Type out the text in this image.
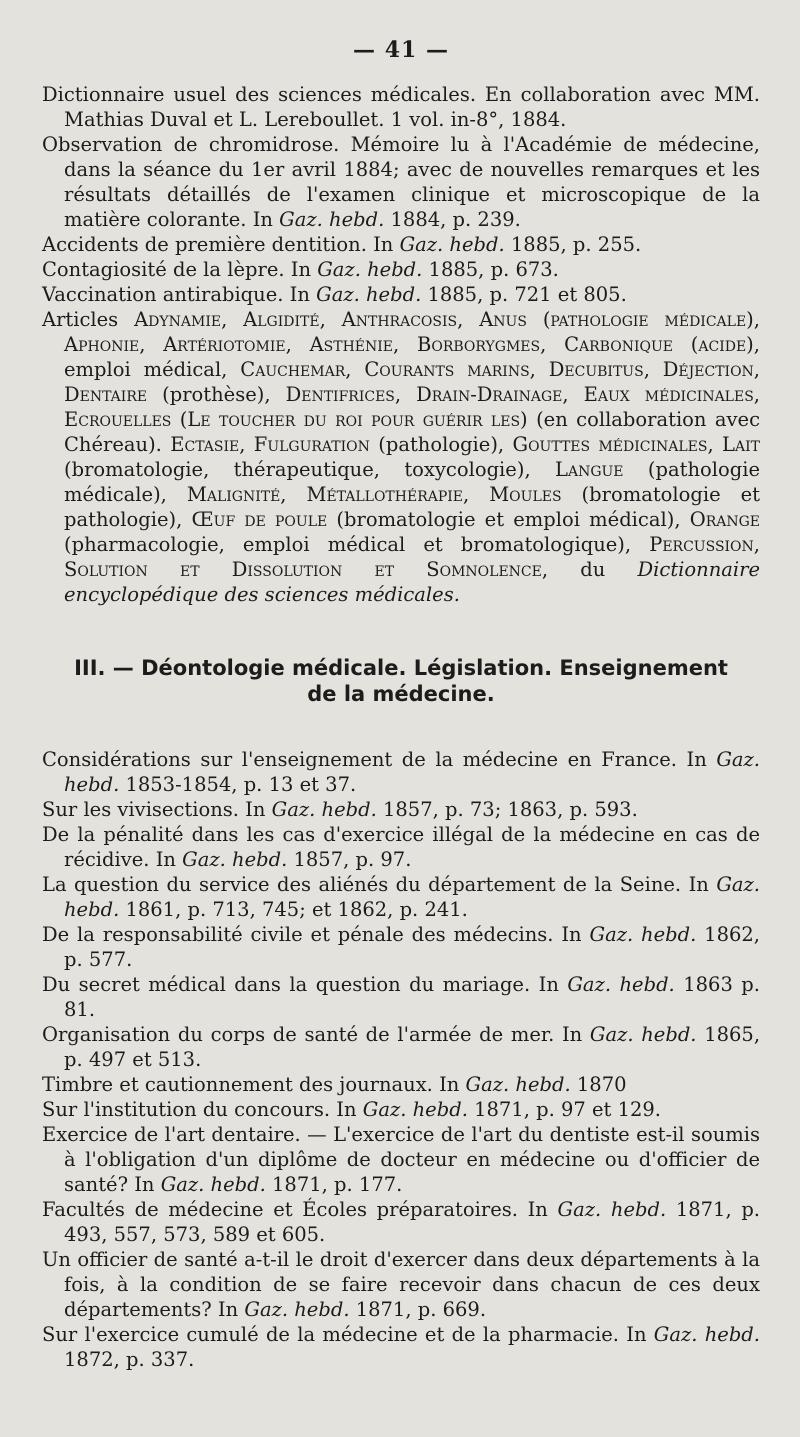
— 41 —

Dictionnaire usuel des sciences médicales. En collaboration avec MM. Mathias Duval et L. Lereboullet. 1 vol. in-8°, 1884.

Observation de chromidrose. Mémoire lu à l'Académie de médecine, dans la séance du 1er avril 1884; avec de nouvelles remarques et les résultats détaillés de l'examen clinique et microscopique de la matière colorante. In Gaz. hebd. 1884, p. 239.

Accidents de première dentition. In Gaz. hebd. 1885, p. 255.

Contagiosité de la lèpre. In Gaz. hebd. 1885, p. 673.

Vaccination antirabique. In Gaz. hebd. 1885, p. 721 et 805.

Articles Adynamie, Algidité, Anthracosis, Anus (pathologie médicale), Aphonie, Artériotomie, Asthénie, Borborygmes, Carbonique (acide), emploi médical, Cauchemar, Courants marins, Decubitus, Déjection, Dentaire (prothèse), Dentifrices, Drain-Drainage, Eaux médicinales, Ecrouelles (Le toucher du roi pour guérir les) (en collaboration avec Chéreau). Ectasie, Fulguration (pathologie), Gouttes médicinales, Lait (bromatologie, thérapeutique, toxycologie), Langue (pathologie médicale), Malignité, Métallothérapie, Moules (bromatologie et pathologie), Œuf de poule (bromatologie et emploi médical), Orange (pharmacologie, emploi médical et bromatologique), Percussion, Solution et Dissolution et Somnolence, du Dictionnaire encyclopédique des sciences médicales.

III. — Déontologie médicale. Législation. Enseignement
de la médecine.

Considérations sur l'enseignement de la médecine en France. In Gaz. hebd. 1853-1854, p. 13 et 37.

Sur les vivisections. In Gaz. hebd. 1857, p. 73; 1863, p. 593.

De la pénalité dans les cas d'exercice illégal de la médecine en cas de récidive. In Gaz. hebd. 1857, p. 97.

La question du service des aliénés du département de la Seine. In Gaz. hebd. 1861, p. 713, 745; et 1862, p. 241.

De la responsabilité civile et pénale des médecins. In Gaz. hebd. 1862, p. 577.

Du secret médical dans la question du mariage. In Gaz. hebd. 1863 p. 81.

Organisation du corps de santé de l'armée de mer. In Gaz. hebd. 1865, p. 497 et 513.

Timbre et cautionnement des journaux. In Gaz. hebd. 1870

Sur l'institution du concours. In Gaz. hebd. 1871, p. 97 et 129.

Exercice de l'art dentaire. — L'exercice de l'art du dentiste est-il soumis à l'obligation d'un diplôme de docteur en médecine ou d'officier de santé? In Gaz. hebd. 1871, p. 177.

Facultés de médecine et Écoles préparatoires. In Gaz. hebd. 1871, p. 493, 557, 573, 589 et 605.

Un officier de santé a-t-il le droit d'exercer dans deux départements à la fois, à la condition de se faire recevoir dans chacun de ces deux départements? In Gaz. hebd. 1871, p. 669.

Sur l'exercice cumulé de la médecine et de la pharmacie. In Gaz. hebd. 1872, p. 337.
